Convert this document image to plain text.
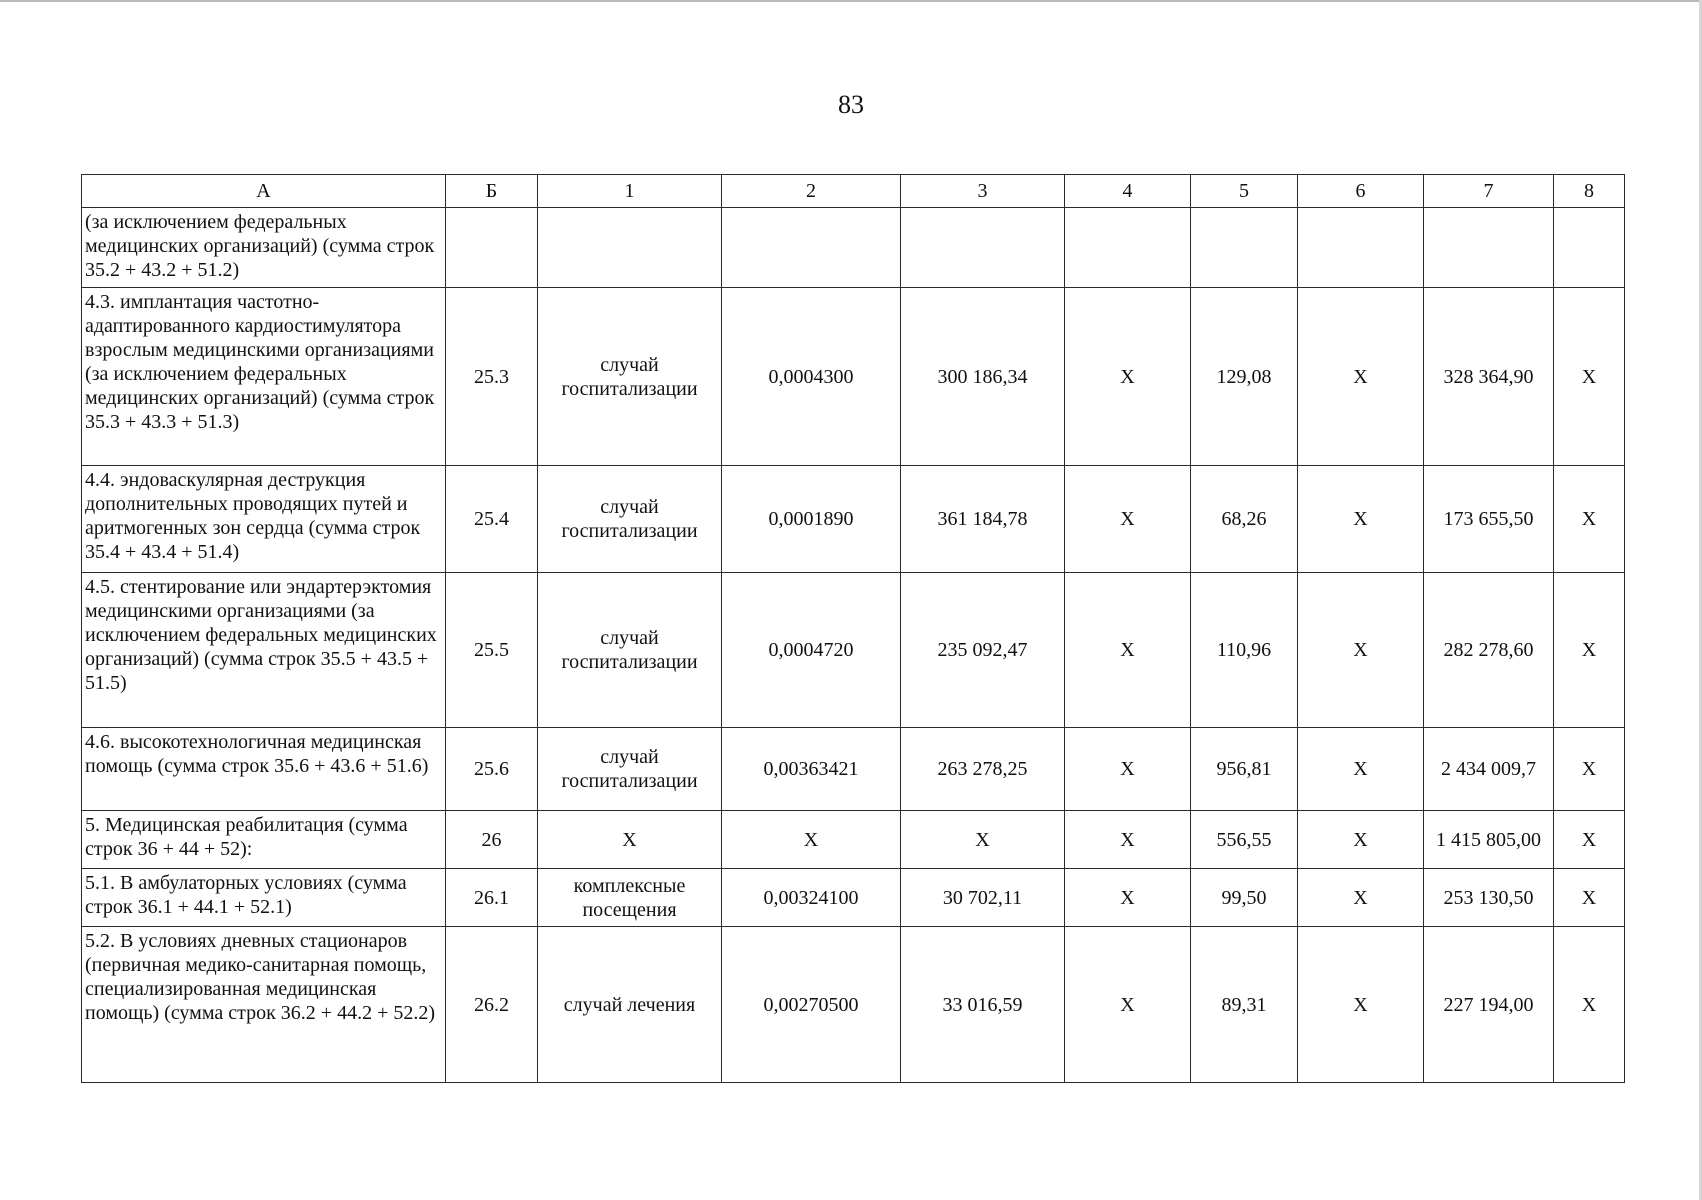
83
А	Б	1	2	3	4	5	6	7	8
(за исключением федеральных медицинских организаций) (сумма строк 35.2 + 43.2 + 51.2)									
4.3. имплантация частотно-адаптированного кардиостимулятора взрослым медицинскими организациями (за исключением федеральных медицинских организаций) (сумма строк 35.3 + 43.3 + 51.3)	25.3	случай госпитализации	0,0004300	300 186,34	Х	129,08	Х	328 364,90	Х
4.4. эндоваскулярная деструкция дополнительных проводящих путей и аритмогенных зон сердца (сумма строк 35.4 + 43.4 + 51.4)	25.4	случай госпитализации	0,0001890	361 184,78	Х	68,26	Х	173 655,50	Х
4.5. стентирование или эндартерэктомия медицинскими организациями (за исключением федеральных медицинских организаций) (сумма строк 35.5 + 43.5 + 51.5)	25.5	случай госпитализации	0,0004720	235 092,47	Х	110,96	Х	282 278,60	Х
4.6. высокотехнологичная медицинская помощь (сумма строк 35.6 + 43.6 + 51.6)	25.6	случай госпитализации	0,00363421	263 278,25	Х	956,81	Х	2 434 009,7	Х
5. Медицинская реабилитация (сумма строк 36 + 44 + 52):	26	Х	Х	Х	Х	556,55	Х	1 415 805,00	Х
5.1. В амбулаторных условиях (сумма строк 36.1 + 44.1 + 52.1)	26.1	комплексные посещения	0,00324100	30 702,11	Х	99,50	Х	253 130,50	Х
5.2. В условиях дневных стационаров (первичная медико-санитарная помощь, специализированная медицинская помощь) (сумма строк 36.2 + 44.2 + 52.2)	26.2	случай лечения	0,00270500	33 016,59	Х	89,31	Х	227 194,00	Х
